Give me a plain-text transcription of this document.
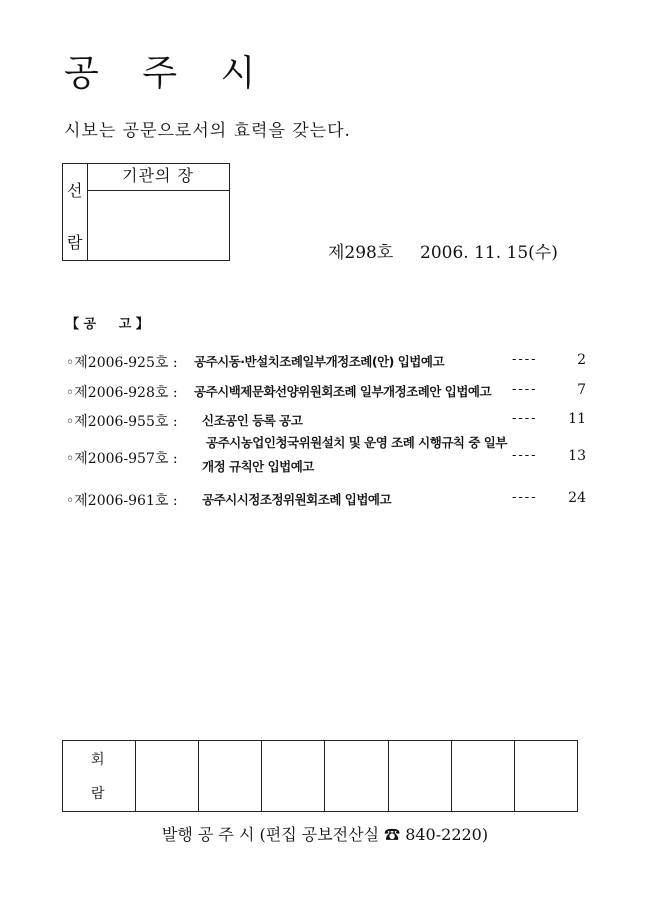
공 주 시
시보는 공문으로서의 효력을 갖는다.
선
람
기관의 장
제298호 2006. 11. 15(수)
【 공     고 】
◦제2006-925호 : 공주시동·반설치조례일부개정조례(안) 입법예고	----	2
◦제2006-928호 : 공주시백제문화선양위원회조례 일부개정조례안 입법예고 ----	7
◦제2006-955호 : 신조공인 등록 공고	----	11
◦제2006-957호 :
공주시농업인청국위원설치 및 운영 조례 시행규칙 중 일부
개정 규칙안 입법예고
----	13
◦제2006-961호 : 공주시시정조정위원회조례 입법예고	----	24
회
람
발행 공 주 시 (편집 공보전산실 ☎ 840-2220)
